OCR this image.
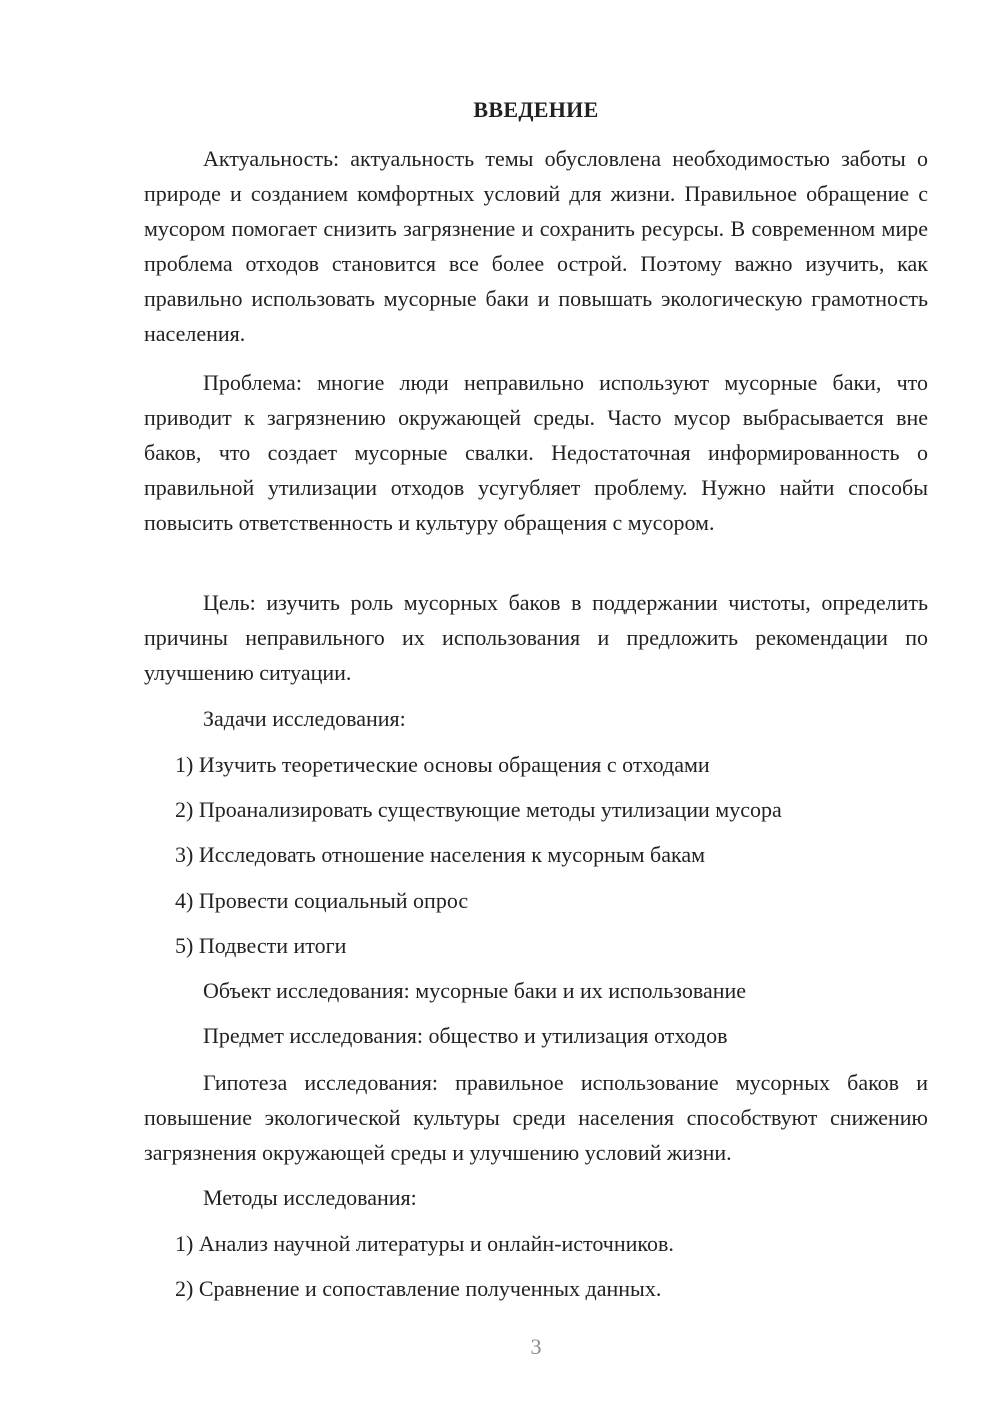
ВВЕДЕНИЕ

Актуальность: актуальность темы обусловлена необходимостью заботы о природе и созданием комфортных условий для жизни. Правильное обращение с мусором помогает снизить загрязнение и сохранить ресурсы. В современном мире проблема отходов становится все более острой. Поэтому важно изучить, как правильно использовать мусорные баки и повышать экологическую грамотность населения.

Проблема: многие люди неправильно используют мусорные баки, что приводит к загрязнению окружающей среды. Часто мусор выбрасывается вне баков, что создает мусорные свалки. Недостаточная информированность о правильной утилизации отходов усугубляет проблему. Нужно найти способы повысить ответственность и культуру обращения с мусором.

Цель: изучить роль мусорных баков в поддержании чистоты, определить причины неправильного их использования и предложить рекомендации по улучшению ситуации.

Задачи исследования:
1) Изучить теоретические основы обращения с отходами
2) Проанализировать существующие методы утилизации мусора
3) Исследовать отношение населения к мусорным бакам
4) Провести социальный опрос
5) Подвести итоги
Объект исследования: мусорные баки и их использование
Предмет исследования: общество и утилизация отходов

Гипотеза исследования: правильное использование мусорных баков и повышение экологической культуры среди населения способствуют снижению загрязнения окружающей среды и улучшению условий жизни.

Методы исследования:
1) Анализ научной литературы и онлайн-источников.
2) Сравнение и сопоставление полученных данных.
3
